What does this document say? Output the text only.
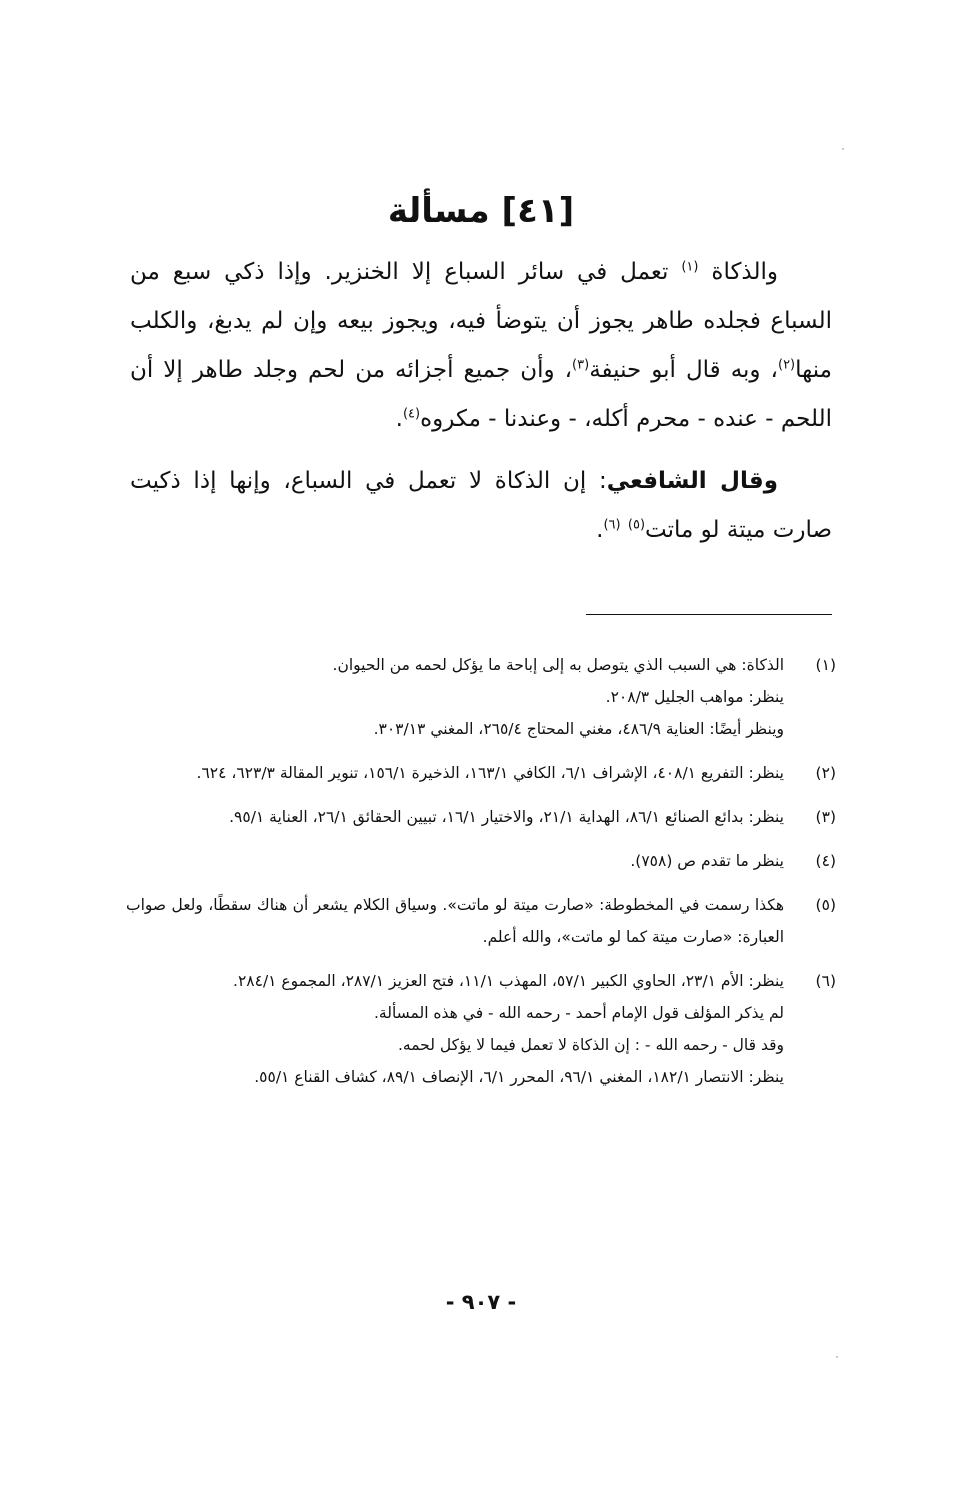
[٤١] مسألة

والذكاة $^{(١)}$ تعمل في سائر السباع إلا الخنزير. وإذا ذكي سبع من السباع فجلده طاهر يجوز أن يتوضأ فيه، ويجوز بيعه وإن لم يدبغ، والكلب منها$^{(٢)}$، وبه قال أبو حنيفة$^{(٣)}$، وأن جميع أجزائه من لحم وجلد طاهر إلا أن اللحم - عنده - محرم أكله، - وعندنا - مكروه$^{(٤)}$.

وقال الشافعي: إن الذكاة لا تعمل في السباع، وإنها إذا ذكيت صارت ميتة لو ماتت$^{(٥)}$ $^{(٦)}$.

(١)
الذكاة: هي السبب الذي يتوصل به إلى إباحة ما يؤكل لحمه من الحيوان.
ينظر: مواهب الجليل ٢٠٨/٣.
وينظر أيضًا: العناية ٤٨٦/٩، مغني المحتاج ٢٦٥/٤، المغني ٣٠٣/١٣.
(٢)
ينظر: التفريع ٤٠٨/١، الإشراف ٦/١، الكافي ١٦٣/١، الذخيرة ١٥٦/١، تنوير المقالة ٦٢٣/٣، ٦٢٤.
(٣)
ينظر: بدائع الصنائع ٨٦/١، الهداية ٢١/١، والاختيار ١٦/١، تبيين الحقائق ٢٦/١، العناية ٩٥/١.
(٤)
ينظر ما تقدم ص (٧٥٨).
(٥)
هكذا رسمت في المخطوطة: «صارت ميتة لو ماتت». وسياق الكلام يشعر أن هناك سقطًا، ولعل صواب العبارة: «صارت ميتة كما لو ماتت»، والله أعلم.
(٦)
ينظر: الأم ٢٣/١، الحاوي الكبير ٥٧/١، المهذب ١١/١، فتح العزيز ٢٨٧/١، المجموع ٢٨٤/١.
لم يذكر المؤلف قول الإمام أحمد - رحمه الله - في هذه المسألة.
وقد قال - رحمه الله - : إن الذكاة لا تعمل فيما لا يؤكل لحمه.
ينظر: الانتصار ١٨٢/١، المغني ٩٦/١، المحرر ٦/١، الإنصاف ٨٩/١، كشاف القناع ٥٥/١.
- ٩٠٧ -
